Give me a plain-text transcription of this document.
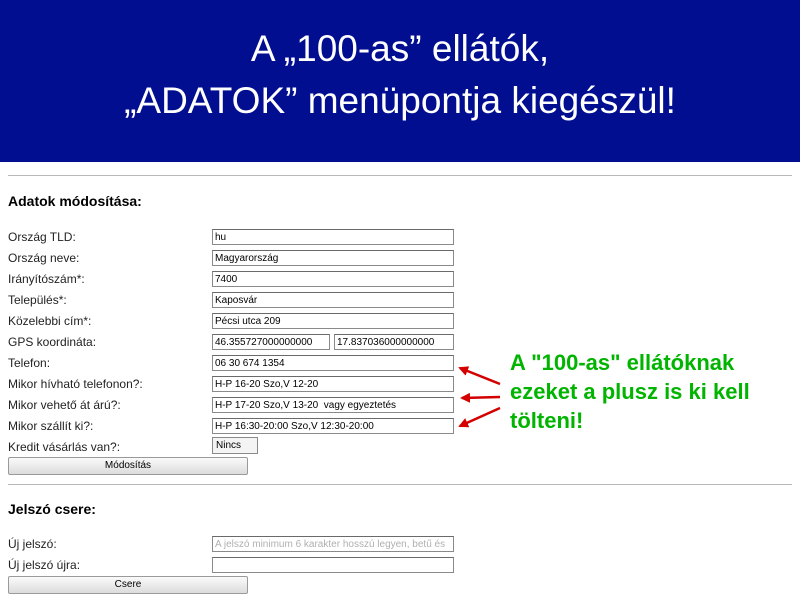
A „100-as” ellátók,
„ADATOK” menüpontja kiegészül!
Adatok módosítása:
Ország TLD:
hu
Ország neve:
Magyarország
Irányítószám*:
7400
Település*:
Kaposvár
Közelebbi cím*:
Pécsi utca 209
GPS koordináta:
46.355727000000000
17.837036000000000
Telefon:
06 30 674 1354
Mikor hívható telefonon?:
H-P 16-20 Szo,V 12-20
Mikor vehető át árú?:
H-P 17-20 Szo,V 13-20 vagy egyeztetés
Mikor szállít ki?:
H-P 16:30-20:00 Szo,V 12:30-20:00
Kredit vásárlás van?:	Nincs
Módosítás
Jelszó csere:
Új jelszó:
Új jelszó újra:
Csere
A "100-as" ellátóknak
ezeket a plusz is ki kell
tölteni!
